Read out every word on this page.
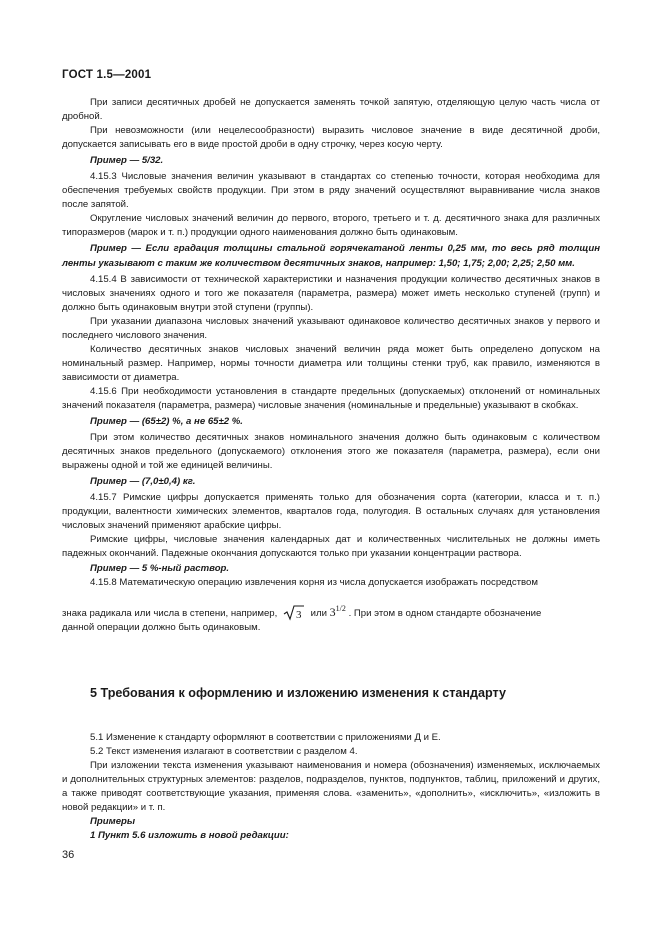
ГОСТ 1.5—2001

При записи десятичных дробей не допускается заменять точкой запятую, отделяющую целую часть числа от дробной.

При невозможности (или нецелесообразности) выразить числовое значение в виде десятичной дроби, допускается записывать его в виде простой дроби в одну строчку, через косую черту.

Пример — 5/32.

4.15.3 Числовые значения величин указывают в стандартах со степенью точности, которая необходима для обеспечения требуемых свойств продукции. При этом в ряду значений осуществляют выравнивание числа знаков после запятой.

Округление числовых значений величин до первого, второго, третьего и т. д. десятичного знака для различных типоразмеров (марок и т. п.) продукции одного наименования должно быть одинаковым.

Пример — Если градация толщины стальной горячекатаной ленты 0,25 мм, то весь ряд толщин ленты указывают с таким же количеством десятичных знаков, например: 1,50; 1,75; 2,00; 2,25; 2,50 мм.

4.15.4 В зависимости от технической характеристики и назначения продукции количество десятичных знаков в числовых значениях одного и того же показателя (параметра, размера) может иметь несколько ступеней (групп) и должно быть одинаковым внутри этой ступени (группы).

При указании диапазона числовых значений указывают одинаковое количество десятичных знаков у первого и последнего числового значения.

Количество десятичных знаков числовых значений величин ряда может быть определено допуском на номинальный размер. Например, нормы точности диаметра или толщины стенки труб, как правило, изменяются в зависимости от диаметра.

4.15.6 При необходимости установления в стандарте предельных (допускаемых) отклонений от номинальных значений показателя (параметра, размера) числовые значения (номинальные и предельные) указывают в скобках.

Пример — (65±2) %, а не 65±2 %.

При этом количество десятичных знаков номинального значения должно быть одинаковым с количеством десятичных знаков предельного (допускаемого) отклонения этого же показателя (параметра, размера), если они выражены одной и той же единицей величины.

Пример — (7,0±0,4) кг.

4.15.7 Римские цифры допускается применять только для обозначения сорта (категории, класса и т. п.) продукции, валентности химических элементов, кварталов года, полугодия. В остальных случаях для установления числовых значений применяют арабские цифры.

Римские цифры, числовые значения календарных дат и количественных числительных не должны иметь падежных окончаний. Падежные окончания допускаются только при указании концентрации раствора.

Пример — 5 %-ный раствор.

4.15.8 Математическую операцию извлечения корня из числа допускается изображать посредством

знака радикала или числа в степени, например, 3 или $3^{1/2}$ . При этом в одном стандарте обозначение

данной операции должно быть одинаковым.

5 Требования к оформлению и изложению изменения к стандарту

5.1 Изменение к стандарту оформляют в соответствии с приложениями Д и Е.

5.2 Текст изменения излагают в соответствии с разделом 4.

При изложении текста изменения указывают наименования и номера (обозначения) изменяемых, исключаемых и дополнительных структурных элементов: разделов, подразделов, пунктов, подпунктов, таблиц, приложений и других, а также приводят соответствующие указания, применяя слова. «заменить», «дополнить», «исключить», «изложить в новой редакции» и т. п.

Примеры

1 Пункт 5.6 изложить в новой редакции:

36
